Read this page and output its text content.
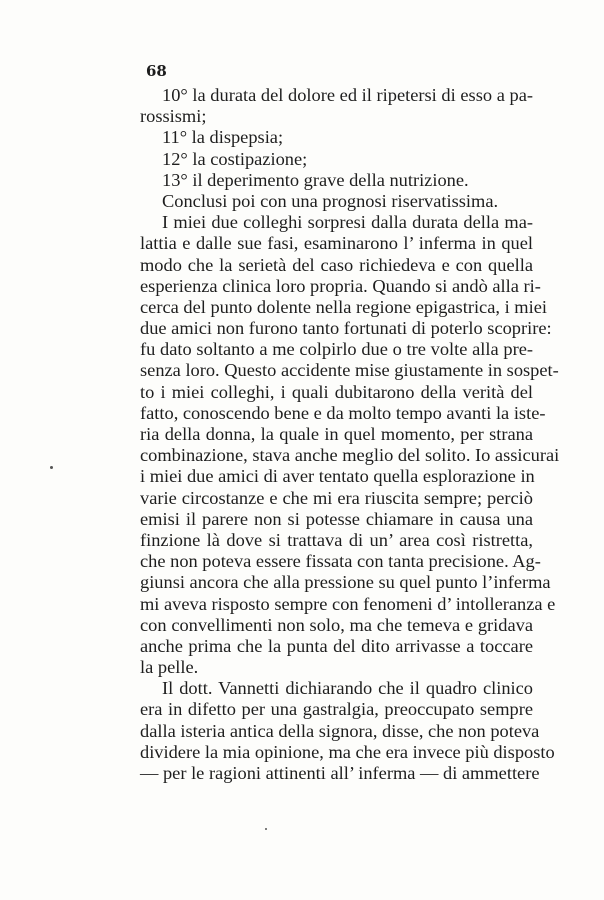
68
10° la durata del dolore ed il ripetersi di esso a pa-
rossismi;
11° la dispepsia;
12° la costipazione;
13° il deperimento grave della nutrizione.
Conclusi poi con una prognosi riservatissima.
I miei due colleghi sorpresi dalla durata della ma-
lattia e dalle sue fasi, esaminarono l’ inferma in quel
modo che la serietà del caso richiedeva e con quella
esperienza clinica loro propria. Quando si andò alla ri-
cerca del punto dolente nella regione epigastrica, i miei
due amici non furono tanto fortunati di poterlo scoprire:
fu dato soltanto a me colpirlo due o tre volte alla pre-
senza loro. Questo accidente mise giustamente in sospet-
to i miei colleghi, i quali dubitarono della verità del
fatto, conoscendo bene e da molto tempo avanti la iste-
ria della donna, la quale in quel momento, per strana
combinazione, stava anche meglio del solito. Io assicurai
i miei due amici di aver tentato quella esplorazione in
varie circostanze e che mi era riuscita sempre; perciò
emisi il parere non si potesse chiamare in causa una
finzione là dove si trattava di un’ area così ristretta,
che non poteva essere fissata con tanta precisione. Ag-
giunsi ancora che alla pressione su quel punto l’inferma
mi aveva risposto sempre con fenomeni d’ intolleranza e
con convellimenti non solo, ma che temeva e gridava
anche prima che la punta del dito arrivasse a toccare
la pelle.
Il dott. Vannetti dichiarando che il quadro clinico
era in difetto per una gastralgia, preoccupato sempre
dalla isteria antica della signora, disse, che non poteva
dividere la mia opinione, ma che era invece più disposto
— per le ragioni attinenti all’ inferma — di ammettere
